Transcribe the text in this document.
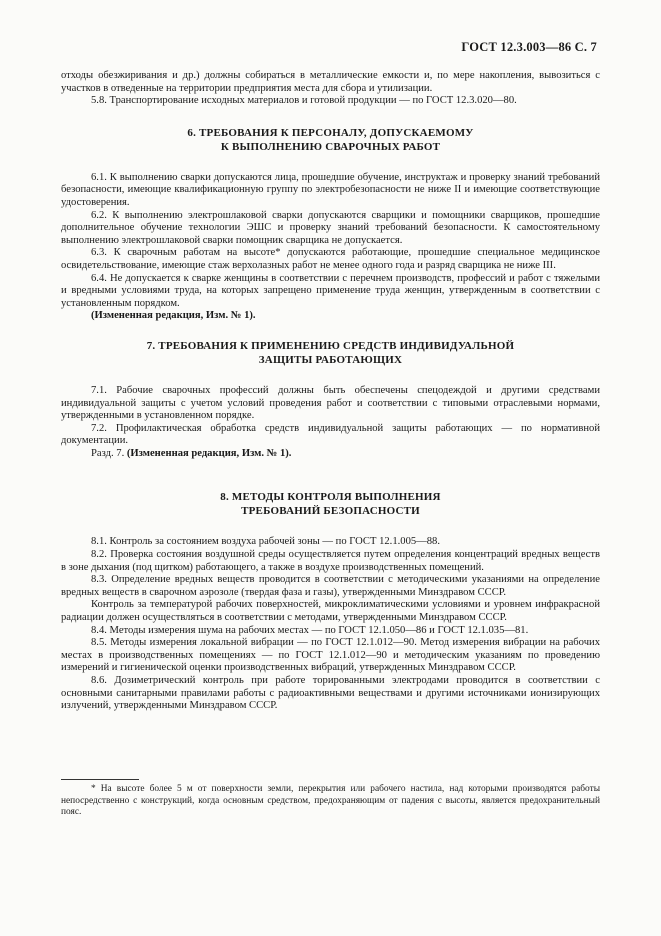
ГОСТ 12.3.003—86 С. 7

отходы обезжиривания и др.) должны собираться в металлические емкости и, по мере накопления, вывозиться с участков в отведенные на территории предприятия места для сбора и утилизации.

5.8. Транспортирование исходных материалов и готовой продукции — по ГОСТ 12.3.020—80.

6. ТРЕБОВАНИЯ К ПЕРСОНАЛУ, ДОПУСКАЕМОМУ
К ВЫПОЛНЕНИЮ СВАРОЧНЫХ РАБОТ

6.1. К выполнению сварки допускаются лица, прошедшие обучение, инструктаж и проверку знаний требований безопасности, имеющие квалификационную группу по электробезопасности не ниже II и имеющие соответствующие удостоверения.

6.2. К выполнению электрошлаковой сварки допускаются сварщики и помощники сварщиков, прошедшие дополнительное обучение технологии ЭШС и проверку знаний требований безопасности. К самостоятельному выполнению электрошлаковой сварки помощник сварщика не допускается.

6.3. К сварочным работам на высоте* допускаются работающие, прошедшие специальное медицинское освидетельствование, имеющие стаж верхолазных работ не менее одного года и разряд сварщика не ниже III.

6.4. Не допускается к сварке женщины в соответствии с перечнем производств, профессий и работ с тяжелыми и вредными условиями труда, на которых запрещено применение труда женщин, утвержденным в соответствии с установленным порядком.

(Измененная редакция, Изм. № 1).

7. ТРЕБОВАНИЯ К ПРИМЕНЕНИЮ СРЕДСТВ ИНДИВИДУАЛЬНОЙ
ЗАЩИТЫ РАБОТАЮЩИХ

7.1. Рабочие сварочных профессий должны быть обеспечены спецодеждой и другими средствами индивидуальной защиты с учетом условий проведения работ и соответствии с типовыми отраслевыми нормами, утвержденными в установленном порядке.

7.2. Профилактическая обработка средств индивидуальной защиты работающих — по нормативной документации.

Разд. 7. (Измененная редакция, Изм. № 1).

8. МЕТОДЫ КОНТРОЛЯ ВЫПОЛНЕНИЯ
ТРЕБОВАНИЙ БЕЗОПАСНОСТИ

8.1. Контроль за состоянием воздуха рабочей зоны — по ГОСТ 12.1.005—88.

8.2. Проверка состояния воздушной среды осуществляется путем определения концентраций вредных веществ в зоне дыхания (под щитком) работающего, а также в воздухе производственных помещений.

8.3. Определение вредных веществ проводится в соответствии с методическими указаниями на определение вредных веществ в сварочном аэрозоле (твердая фаза и газы), утвержденными Минздравом СССР.

Контроль за температурой рабочих поверхностей, микроклиматическими условиями и уровнем инфракрасной радиации должен осуществляться в соответствии с методами, утвержденными Минздравом СССР.

8.4. Методы измерения шума на рабочих местах — по ГОСТ 12.1.050—86 и ГОСТ 12.1.035—81.

8.5. Методы измерения локальной вибрации — по ГОСТ 12.1.012—90. Метод измерения вибрации на рабочих местах в производственных помещениях — по ГОСТ 12.1.012—90 и методическим указаниям по проведению измерений и гигиенической оценки производственных вибраций, утвержденных Минздравом СССР.

8.6. Дозиметрический контроль при работе торированными электродами проводится в соответствии с основными санитарными правилами работы с радиоактивными веществами и другими источниками ионизирующих излучений, утвержденными Минздравом СССР.

* На высоте более 5 м от поверхности земли, перекрытия или рабочего настила, над которыми производятся работы непосредственно с конструкций, когда основным средством, предохраняющим от падения с высоты, является предохранительный пояс.
